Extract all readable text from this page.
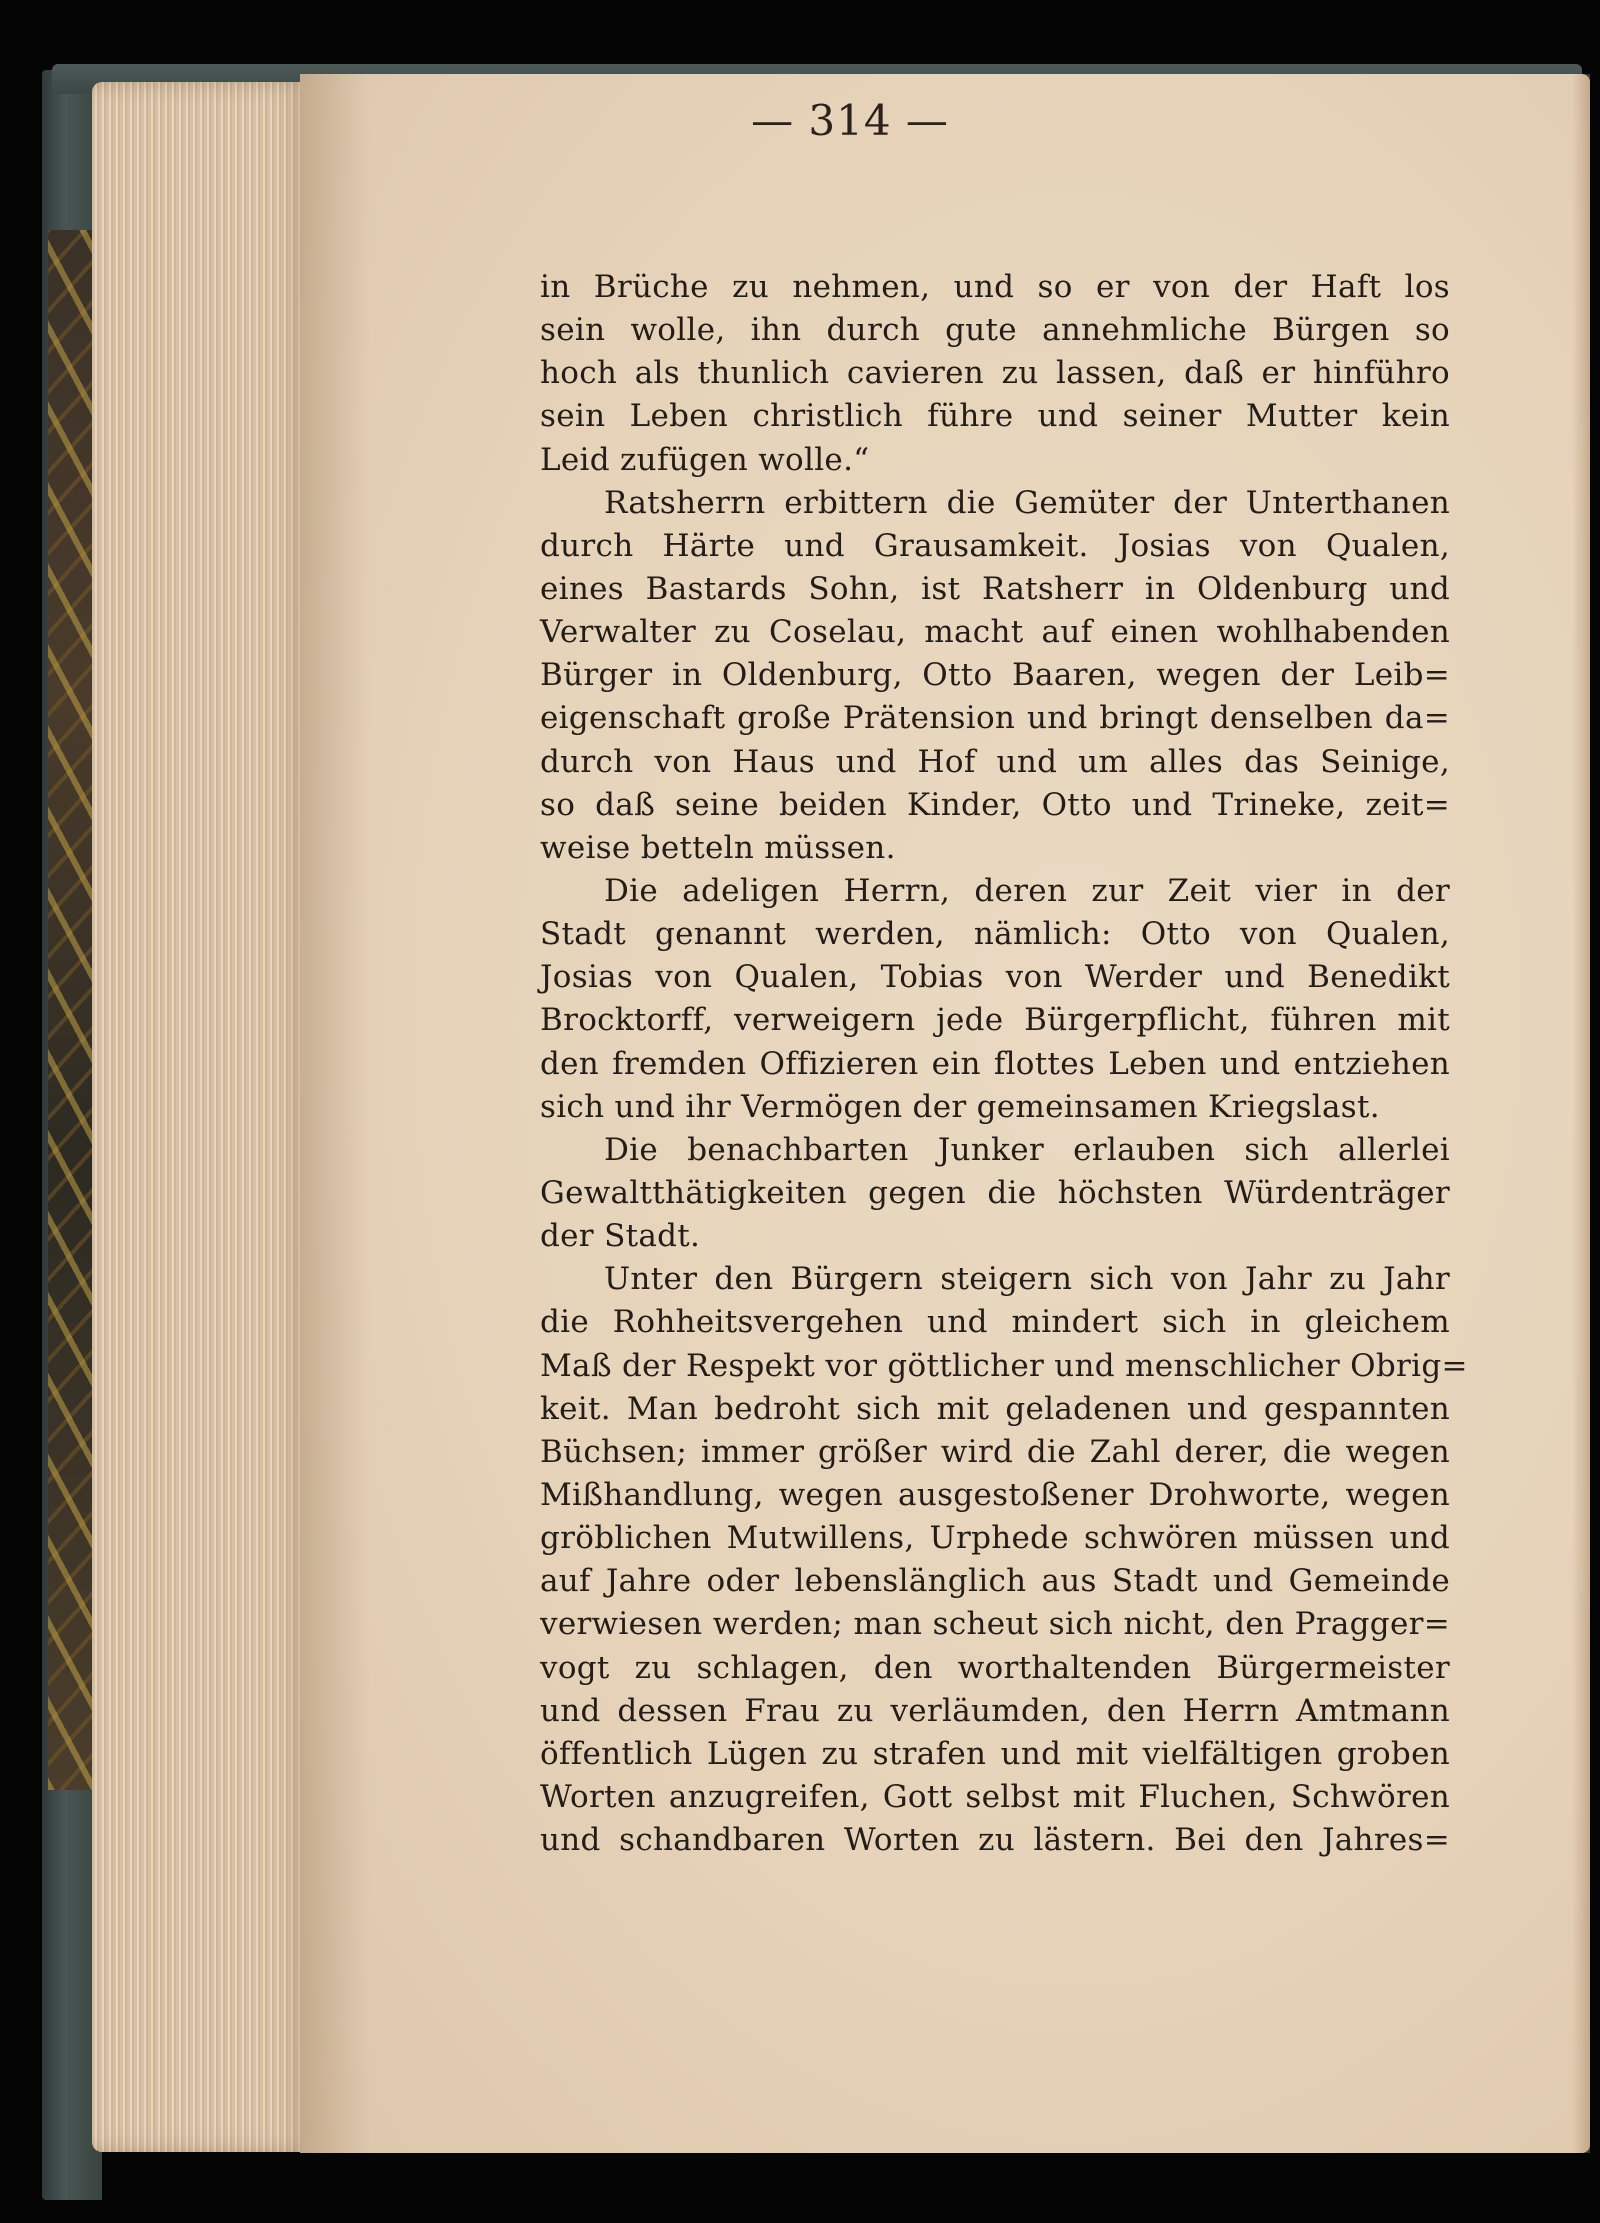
— 314 —
in Brüche zu nehmen, und so er von der Haft los
sein wolle, ihn durch gute annehmliche Bürgen so
hoch als thunlich cavieren zu lassen, daß er hinführo
sein Leben christlich führe und seiner Mutter kein
Leid zufügen wolle.“
Ratsherrn erbittern die Gemüter der Unterthanen
durch Härte und Grausamkeit. Josias von Qualen,
eines Bastards Sohn, ist Ratsherr in Oldenburg und
Verwalter zu Coselau, macht auf einen wohlhabenden
Bürger in Oldenburg, Otto Baaren, wegen der Leib=
eigenschaft große Prätension und bringt denselben da=
durch von Haus und Hof und um alles das Seinige,
so daß seine beiden Kinder, Otto und Trineke, zeit=
weise betteln müssen.
Die adeligen Herrn, deren zur Zeit vier in der
Stadt genannt werden, nämlich: Otto von Qualen,
Josias von Qualen, Tobias von Werder und Benedikt
Brocktorff, verweigern jede Bürgerpflicht, führen mit
den fremden Offizieren ein flottes Leben und entziehen
sich und ihr Vermögen der gemeinsamen Kriegslast.
Die benachbarten Junker erlauben sich allerlei
Gewaltthätigkeiten gegen die höchsten Würdenträger
der Stadt.
Unter den Bürgern steigern sich von Jahr zu Jahr
die Rohheitsvergehen und mindert sich in gleichem
Maß der Respekt vor göttlicher und menschlicher Obrig=
keit. Man bedroht sich mit geladenen und gespannten
Büchsen; immer größer wird die Zahl derer, die wegen
Mißhandlung, wegen ausgestoßener Drohworte, wegen
gröblichen Mutwillens, Urphede schwören müssen und
auf Jahre oder lebenslänglich aus Stadt und Gemeinde
verwiesen werden; man scheut sich nicht, den Pragger=
vogt zu schlagen, den worthaltenden Bürgermeister
und dessen Frau zu verläumden, den Herrn Amtmann
öffentlich Lügen zu strafen und mit vielfältigen groben
Worten anzugreifen, Gott selbst mit Fluchen, Schwören
und schandbaren Worten zu lästern. Bei den Jahres=
